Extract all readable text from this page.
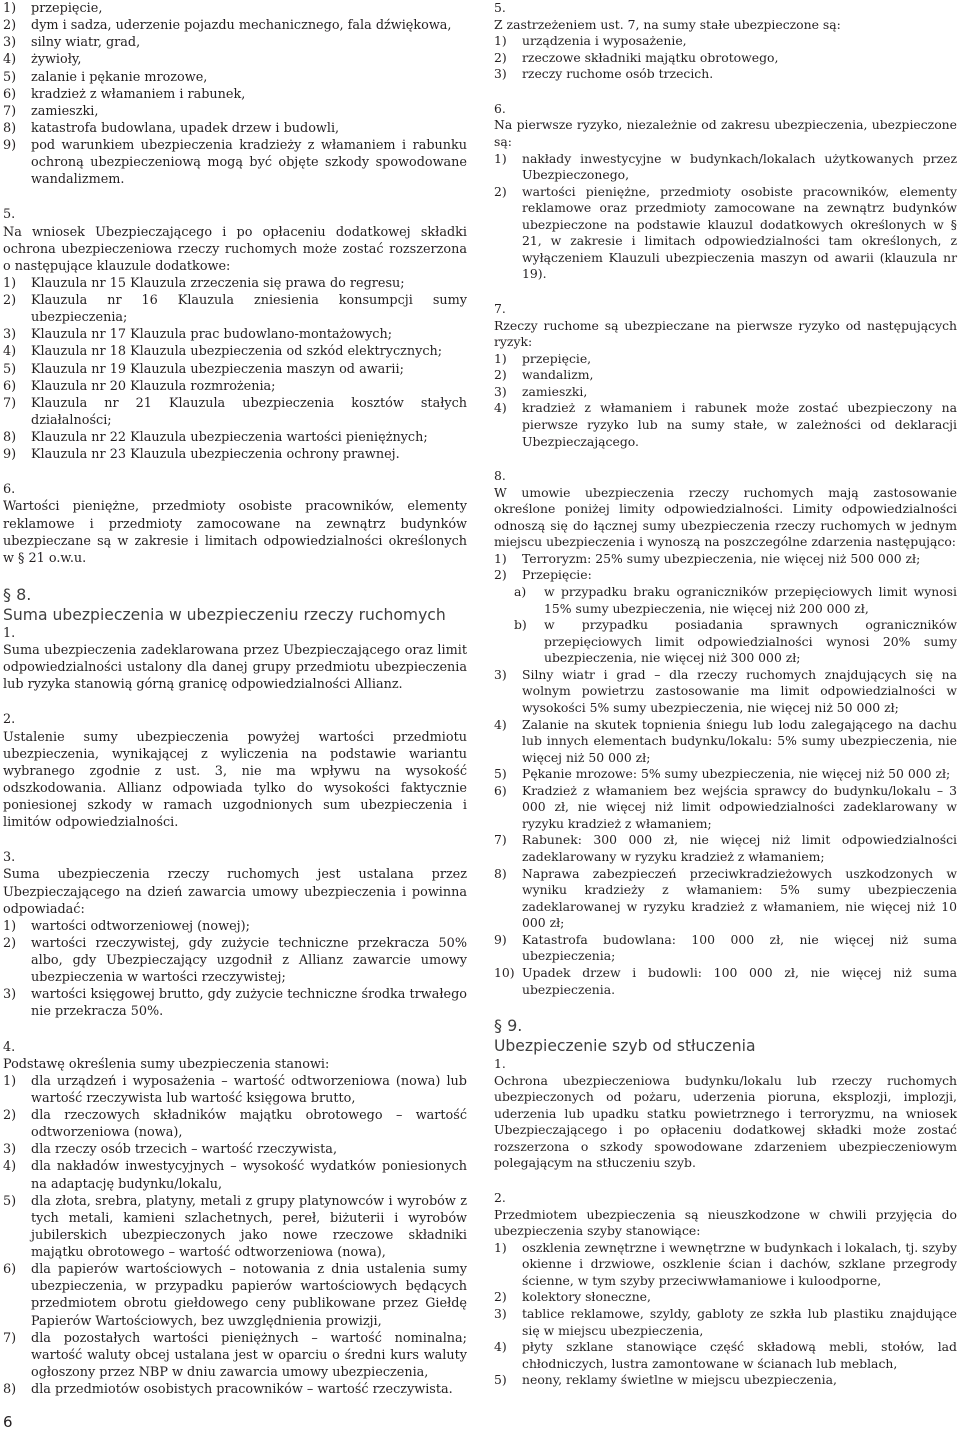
1) przepięcie,
2) dym i sadza, uderzenie pojazdu mechanicznego, fala dźwiękowa,
3) silny wiatr, grad,
4) żywioły,
5) zalanie i pękanie mrozowe,
6) kradzież z włamaniem i rabunek,
7) zamieszki,
8) katastrofa budowlana, upadek drzew i budowli,
9) pod warunkiem ubezpieczenia kradzieży z włamaniem i rabunku ochroną ubezpieczeniową mogą być objęte szkody spowodowane wandalizmem.

5.

Na wniosek Ubezpieczającego i po opłaceniu dodatkowej składki ochrona ubezpieczeniowa rzeczy ruchomych może zostać rozszerzona o następujące klauzule dodatkowe:

1) Klauzula nr 15 Klauzula zrzeczenia się prawa do regresu;
2) Klauzula nr 16 Klauzula zniesienia konsumpcji sumy ubezpieczenia;
3) Klauzula nr 17 Klauzula prac budowlano-montażowych;
4) Klauzula nr 18 Klauzula ubezpieczenia od szkód elektrycznych;
5) Klauzula nr 19 Klauzula ubezpieczenia maszyn od awarii;
6) Klauzula nr 20 Klauzula rozmrożenia;
7) Klauzula nr 21 Klauzula ubezpieczenia kosztów stałych działalności;
8) Klauzula nr 22 Klauzula ubezpieczenia wartości pieniężnych;
9) Klauzula nr 23 Klauzula ubezpieczenia ochrony prawnej.

6.

Wartości pieniężne, przedmioty osobiste pracowników, elementy reklamowe i przedmioty zamocowane na zewnątrz budynków ubezpieczane są w zakresie i limitach odpowiedzialności określonych w § 21 o.w.u.

§ 8.
Suma ubezpieczenia w ubezpieczeniu rzeczy ruchomych

1.

Suma ubezpieczenia zadeklarowana przez Ubezpieczającego oraz limit odpowiedzialności ustalony dla danej grupy przedmiotu ubezpieczenia lub ryzyka stanowią górną granicę odpowiedzialności Allianz.

2.

Ustalenie sumy ubezpieczenia powyżej wartości przedmiotu ubezpieczenia, wynikającej z wyliczenia na podstawie wariantu wybranego zgodnie z ust. 3, nie ma wpływu na wysokość odszkodowania. Allianz odpowiada tylko do wysokości faktycznie poniesionej szkody w ramach uzgodnionych sum ubezpieczenia i limitów odpowiedzialności.

3.

Suma ubezpieczenia rzeczy ruchomych jest ustalana przez Ubezpieczającego na dzień zawarcia umowy ubezpieczenia i powinna odpowiadać:

1) wartości odtworzeniowej (nowej);
2) wartości rzeczywistej, gdy zużycie techniczne przekracza 50% albo, gdy Ubezpieczający uzgodnił z Allianz zawarcie umowy ubezpieczenia w wartości rzeczywistej;
3) wartości księgowej brutto, gdy zużycie techniczne środka trwałego nie przekracza 50%.

4.

Podstawę określenia sumy ubezpieczenia stanowi:

1) dla urządzeń i wyposażenia – wartość odtworzeniowa (nowa) lub wartość rzeczywista lub wartość księgowa brutto,
2) dla rzeczowych składników majątku obrotowego – wartość odtworzeniowa (nowa),
3) dla rzeczy osób trzecich – wartość rzeczywista,
4) dla nakładów inwestycyjnych – wysokość wydatków poniesionych na adaptację budynku/lokalu,
5) dla złota, srebra, platyny, metali z grupy platynowców i wyrobów z tych metali, kamieni szlachetnych, pereł, biżuterii i wyrobów jubilerskich ubezpieczonych jako nowe rzeczowe składniki majątku obrotowego – wartość odtworzeniowa (nowa),
6) dla papierów wartościowych – notowania z dnia ustalenia sumy ubezpieczenia, w przypadku papierów wartościowych będących przedmiotem obrotu giełdowego ceny publikowane przez Giełdę Papierów Wartościowych, bez uwzględnienia prowizji,
7) dla pozostałych wartości pieniężnych – wartość nominalna; wartość waluty obcej ustalana jest w oparciu o średni kurs waluty ogłoszony przez NBP w dniu zawarcia umowy ubezpieczenia,
8) dla przedmiotów osobistych pracowników – wartość rzeczywista.

5.

Z zastrzeżeniem ust. 7, na sumy stałe ubezpieczone są:

1) urządzenia i wyposażenie,
2) rzeczowe składniki majątku obrotowego,
3) rzeczy ruchome osób trzecich.

6.

Na pierwsze ryzyko, niezależnie od zakresu ubezpieczenia, ubezpieczone są:

1) nakłady inwestycyjne w budynkach/lokalach użytkowanych przez Ubezpieczonego,
2) wartości pieniężne, przedmioty osobiste pracowników, elementy reklamowe oraz przedmioty zamocowane na zewnątrz budynków ubezpieczone na podstawie klauzul dodatkowych określonych w § 21, w zakresie i limitach odpowiedzialności tam określonych, z wyłączeniem Klauzuli ubezpieczenia maszyn od awarii (klauzula nr 19).

7.

Rzeczy ruchome są ubezpieczane na pierwsze ryzyko od następujących ryzyk:

1) przepięcie,
2) wandalizm,
3) zamieszki,
4) kradzież z włamaniem i rabunek może zostać ubezpieczony na pierwsze ryzyko lub na sumy stałe, w zależności od deklaracji Ubezpieczającego.

8.

W umowie ubezpieczenia rzeczy ruchomych mają zastosowanie określone poniżej limity odpowiedzialności. Limity odpowiedzialności odnoszą się do łącznej sumy ubezpieczenia rzeczy ruchomych w jednym miejscu ubezpieczenia i wynoszą na poszczególne zdarzenia następująco:

1) Terroryzm: 25% sumy ubezpieczenia, nie więcej niż 500 000 zł;
2) Przepięcie:
a) w przypadku braku ograniczników przepięciowych limit wynosi 15% sumy ubezpieczenia, nie więcej niż 200 000 zł,
b) w przypadku posiadania sprawnych ograniczników przepięciowych limit odpowiedzialności wynosi 20% sumy ubezpieczenia, nie więcej niż 300 000 zł;
3) Silny wiatr i grad – dla rzeczy ruchomych znajdujących się na wolnym powietrzu zastosowanie ma limit odpowiedzialności w wysokości 5% sumy ubezpieczenia, nie więcej niż 50 000 zł;
4) Zalanie na skutek topnienia śniegu lub lodu zalegającego na dachu lub innych elementach budynku/lokalu: 5% sumy ubezpieczenia, nie więcej niż 50 000 zł;
5) Pękanie mrozowe: 5% sumy ubezpieczenia, nie więcej niż 50 000 zł;
6) Kradzież z włamaniem bez wejścia sprawcy do budynku/lokalu – 3 000 zł, nie więcej niż limit odpowiedzialności zadeklarowany w ryzyku kradzież z włamaniem;
7) Rabunek: 300 000 zł, nie więcej niż limit odpowiedzialności zadeklarowany w ryzyku kradzież z włamaniem;
8) Naprawa zabezpieczeń przeciwkradzieżowych uszkodzonych w wyniku kradzieży z włamaniem: 5% sumy ubezpieczenia zadeklarowanej w ryzyku kradzież z włamaniem, nie więcej niż 10 000 zł;
9) Katastrofa budowlana: 100 000 zł, nie więcej niż suma ubezpieczenia;
10) Upadek drzew i budowli: 100 000 zł, nie więcej niż suma ubezpieczenia.
§ 9.
Ubezpieczenie szyb od stłuczenia

1.

Ochrona ubezpieczeniowa budynku/lokalu lub rzeczy ruchomych ubezpieczonych od pożaru, uderzenia pioruna, eksplozji, implozji, uderzenia lub upadku statku powietrznego i terroryzmu, na wniosek Ubezpieczającego i po opłaceniu dodatkowej składki może zostać rozszerzona o szkody spowodowane zdarzeniem ubezpieczeniowym polegającym na stłuczeniu szyb.

2.

Przedmiotem ubezpieczenia są nieuszkodzone w chwili przyjęcia do ubezpieczenia szyby stanowiące:

1) oszklenia zewnętrzne i wewnętrzne w budynkach i lokalach, tj. szyby okienne i drzwiowe, oszklenie ścian i dachów, szklane przegrody ścienne, w tym szyby przeciwwłamaniowe i kuloodporne,
2) kolektory słoneczne,
3) tablice reklamowe, szyldy, gabloty ze szkła lub plastiku znajdujące się w miejscu ubezpieczenia,
4) płyty szklane stanowiące część składową mebli, stołów, lad chłodniczych, lustra zamontowane w ścianach lub meblach,
5) neony, reklamy świetlne w miejscu ubezpieczenia,
6
